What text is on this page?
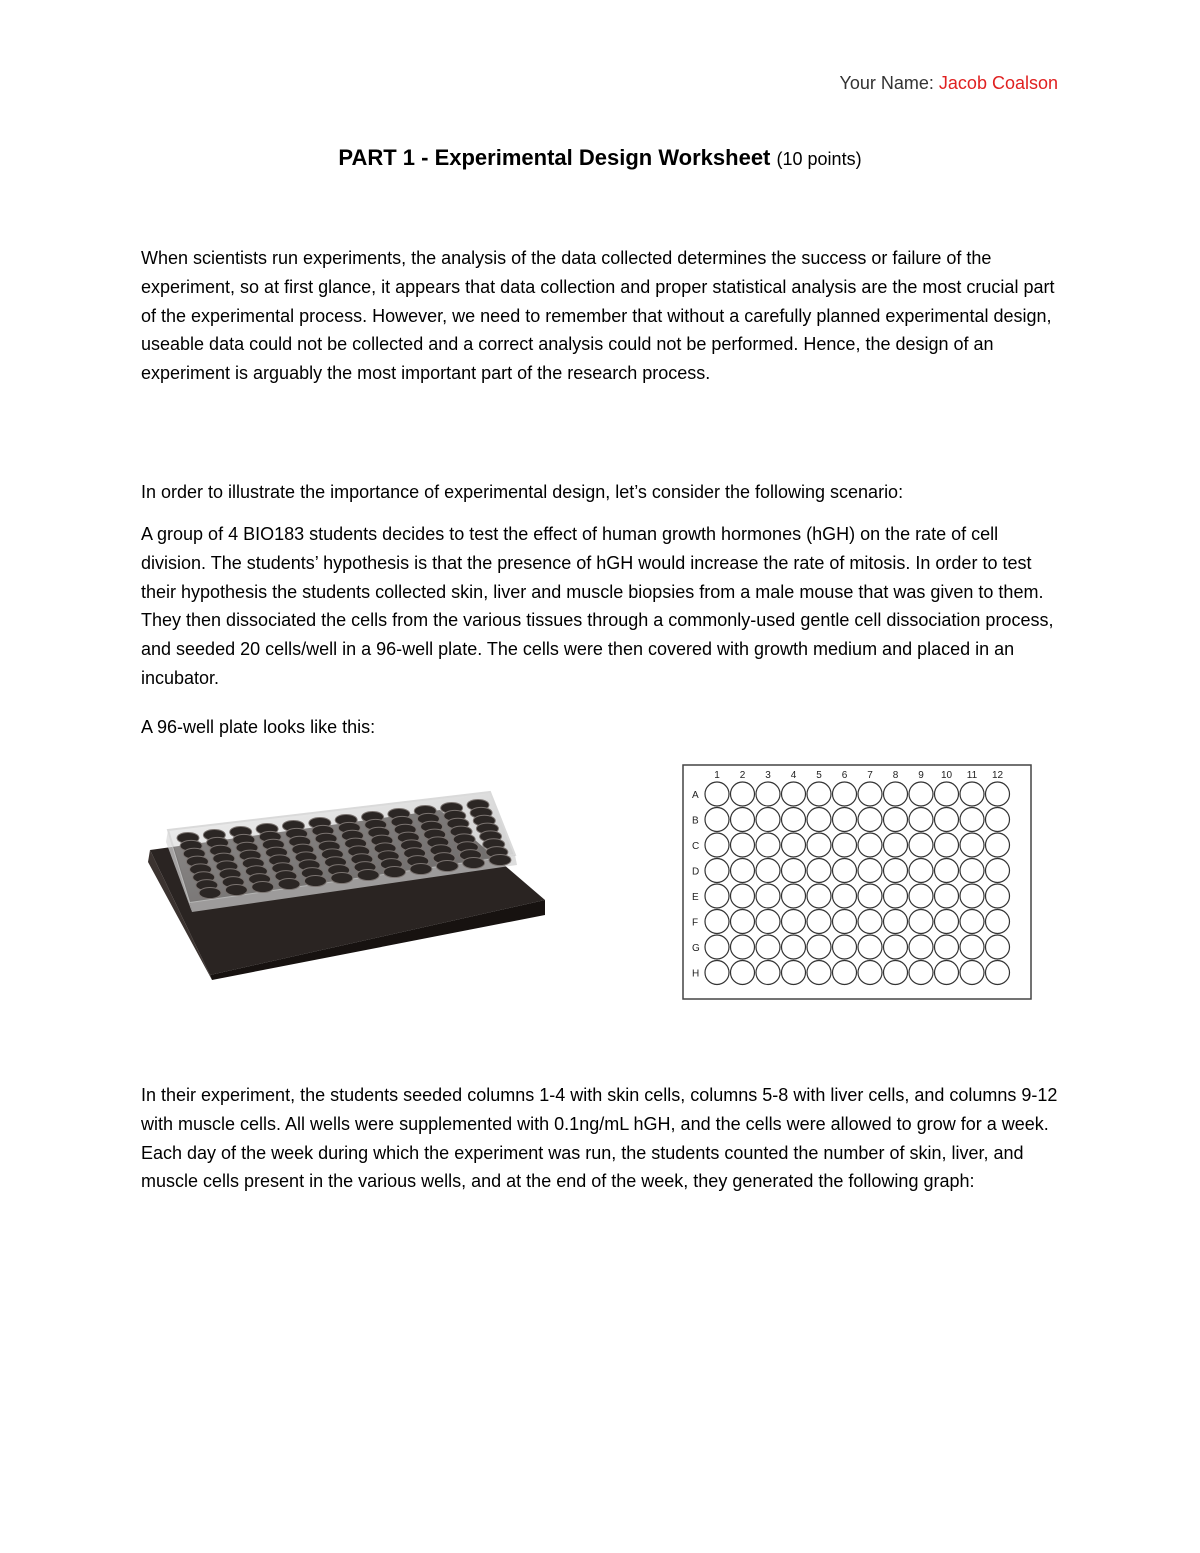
Your Name: Jacob Coalson
PART 1 - Experimental Design Worksheet (10 points)

When scientists run experiments, the analysis of the data collected determines the success or failure of the experiment, so at first glance, it appears that data collection and proper statistical analysis are the most crucial part of the experimental process. However, we need to remember that without a carefully planned experimental design, useable data could not be collected and a correct analysis could not be performed. Hence, the design of an experiment is arguably the most important part of the research process.

In order to illustrate the importance of experimental design, let’s consider the following scenario:

A group of 4 BIO183 students decides to test the effect of human growth hormones (hGH) on the rate of cell division. The students’ hypothesis is that the presence of hGH would increase the rate of mitosis. In order to test their hypothesis the students collected skin, liver and muscle biopsies from a male mouse that was given to them. They then dissociated the cells from the various tissues through a commonly-used gentle cell dissociation process, and seeded 20 cells/well in a 96-well plate. The cells were then covered with growth medium and placed in an incubator.

A 96-well plate looks like this:

1 2 3 4 5 6 7 8 9 10 11 12
A
B
C
D
E
F
G
H

In their experiment, the students seeded columns 1-4 with skin cells, columns 5-8 with liver cells, and columns 9-12 with muscle cells. All wells were supplemented with 0.1ng/mL hGH, and the cells were allowed to grow for a week. Each day of the week during which the experiment was run, the students counted the number of skin, liver, and muscle cells present in the various wells, and at the end of the week, they generated the following graph:
